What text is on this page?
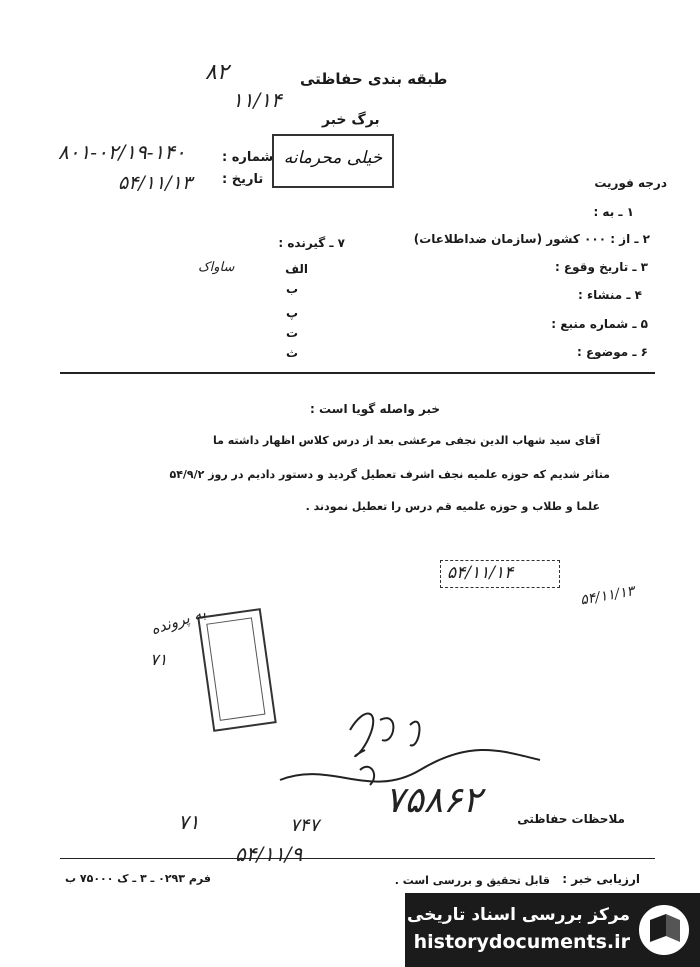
۸۲
۱۱/۱۴
طبقه بندی حفاظتی
برگ خبر
۸۰۱-۰۲/۱۹-۱۴۰
۵۴/۱۱/۱۳
شماره :
تاریخ :
خیلی محرمانه
درجه فوریت
۱ ـ به :
۲ ـ از : ۰۰۰ کشور (سازمان ضداطلاعات)
۳ ـ تاریخ وقوع :
۴ ـ منشاء :
۵ ـ شماره منبع :
۶ ـ موضوع :
۷ ـ گیرنده :
الف
ساواک
ب
پ
ت
ث
خبر واصله گویا است :
آقای سید شهاب الدین نجفی مرعشی بعد از درس کلاس اظهار داشته ما
متاثر شدیم که حوزه علمیه نجف اشرف تعطیل گردید و دستور دادیم در روز ۵۴/۹/۲
علما و طلاب و حوزه علمیه قم درس را تعطیل نمودند .
۵۴/۱۱/۱۴
۵۴/۱۱/۱۳
به پرونده
۷۱
۷۵۸۶۲
۷۱	۷۴۷
۵۴/۱۱/۹
ملاحظات حفاظتی
فرم ۰۲۹۳ ـ ۳ ـ ک ۷۵۰۰۰ ب	ارزیابی خبر :
قابل تحقیق و بررسی است .
مرکز بررسی اسناد تاریخی
historydocuments.ir
